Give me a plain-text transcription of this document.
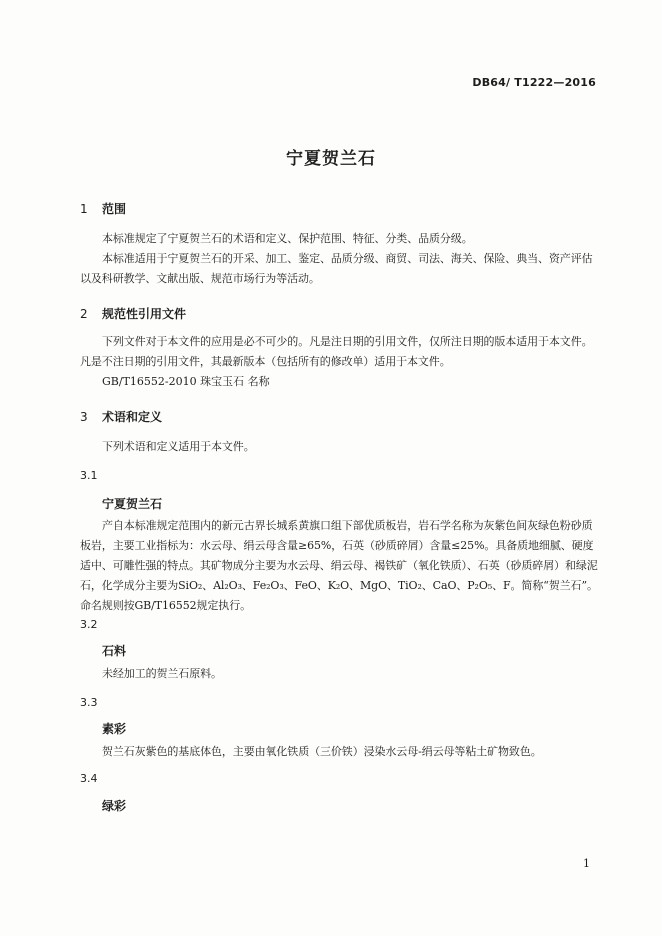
DB64/ T1222—2016
宁夏贺兰石
1 范围
本标准规定了宁夏贺兰石的术语和定义、保护范围、特征、分类、品质分级。
本标准适用于宁夏贺兰石的开采、加工、鉴定、品质分级、商贸、司法、海关、保险、典当、资产评估以及科研教学、文献出版、规范市场行为等活动。
2 规范性引用文件
下列文件对于本文件的应用是必不可少的。凡是注日期的引用文件，仅所注日期的版本适用于本文件。凡是不注日期的引用文件，其最新版本（包括所有的修改单）适用于本文件。
GB/T16552-2010 珠宝玉石 名称
3 术语和定义
下列术语和定义适用于本文件。
3.1
宁夏贺兰石
产自本标准规定范围内的新元古界长城系黄旗口组下部优质板岩，岩石学名称为灰紫色间灰绿色粉砂质板岩，主要工业指标为：水云母、绢云母含量≥65%，石英（砂质碎屑）含量≤25%。具备质地细腻、硬度适中、可雕性强的特点。其矿物成分主要为水云母、绢云母、褐铁矿（氧化铁质）、石英（砂质碎屑）和绿泥石，化学成分主要为SiO₂、Al₂O₃、Fe₂O₃、FeO、K₂O、MgO、TiO₂、CaO、P₂O₅、F。简称“贺兰石”。命名规则按GB/T16552规定执行。
3.2
石料
未经加工的贺兰石原料。
3.3
素彩
贺兰石灰紫色的基底体色，主要由氧化铁质（三价铁）浸染水云母-绢云母等粘土矿物致色。
3.4
绿彩
1
